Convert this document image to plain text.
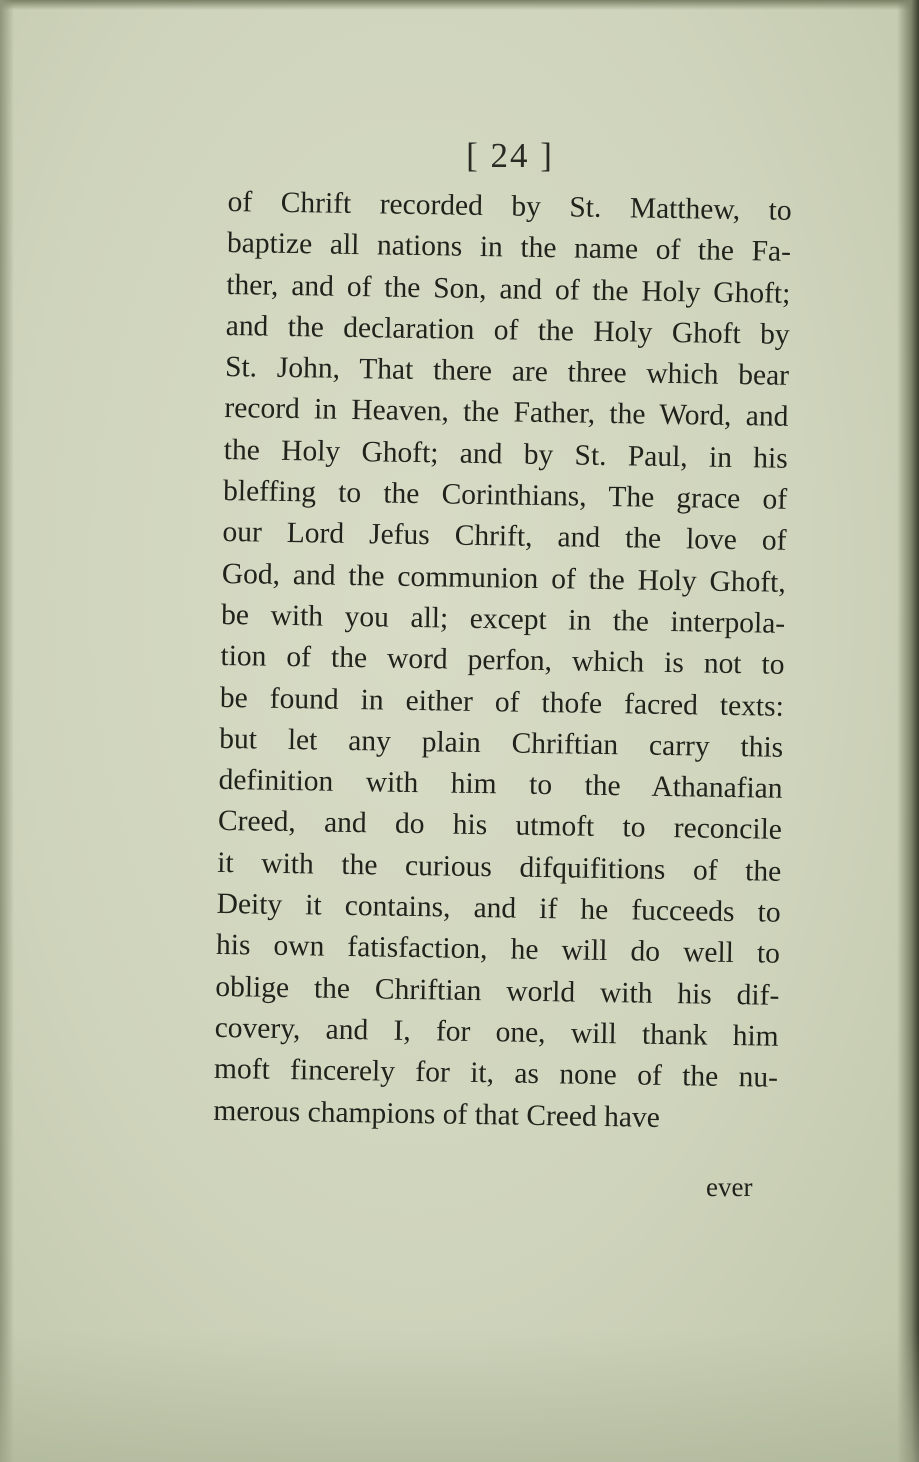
[ 24 ]

of Chrift recorded by St. Matthew, to

baptize all nations in the name of the Fa-

ther, and of the Son, and of the Holy Ghoft;

and the declaration of the Holy Ghoft by

St. John, That there are three which bear

record in Heaven, the Father, the Word, and

the Holy Ghoft; and by St. Paul, in his

bleffing to the Corinthians, The grace of

our Lord Jefus Chrift, and the love of

God, and the communion of the Holy Ghoft,

be with you all; except in the interpola-

tion of the word perfon, which is not to

be found in either of thofe facred texts:

but let any plain Chriftian carry this

definition with him to the Athanafian

Creed, and do his utmoft to reconcile

it with the curious difquifitions of the

Deity it contains, and if he fucceeds to

his own fatisfaction, he will do well to

oblige the Chriftian world with his dif-

covery, and I, for one, will thank him

moft fincerely for it, as none of the nu-

merous champions of that Creed have

ever
